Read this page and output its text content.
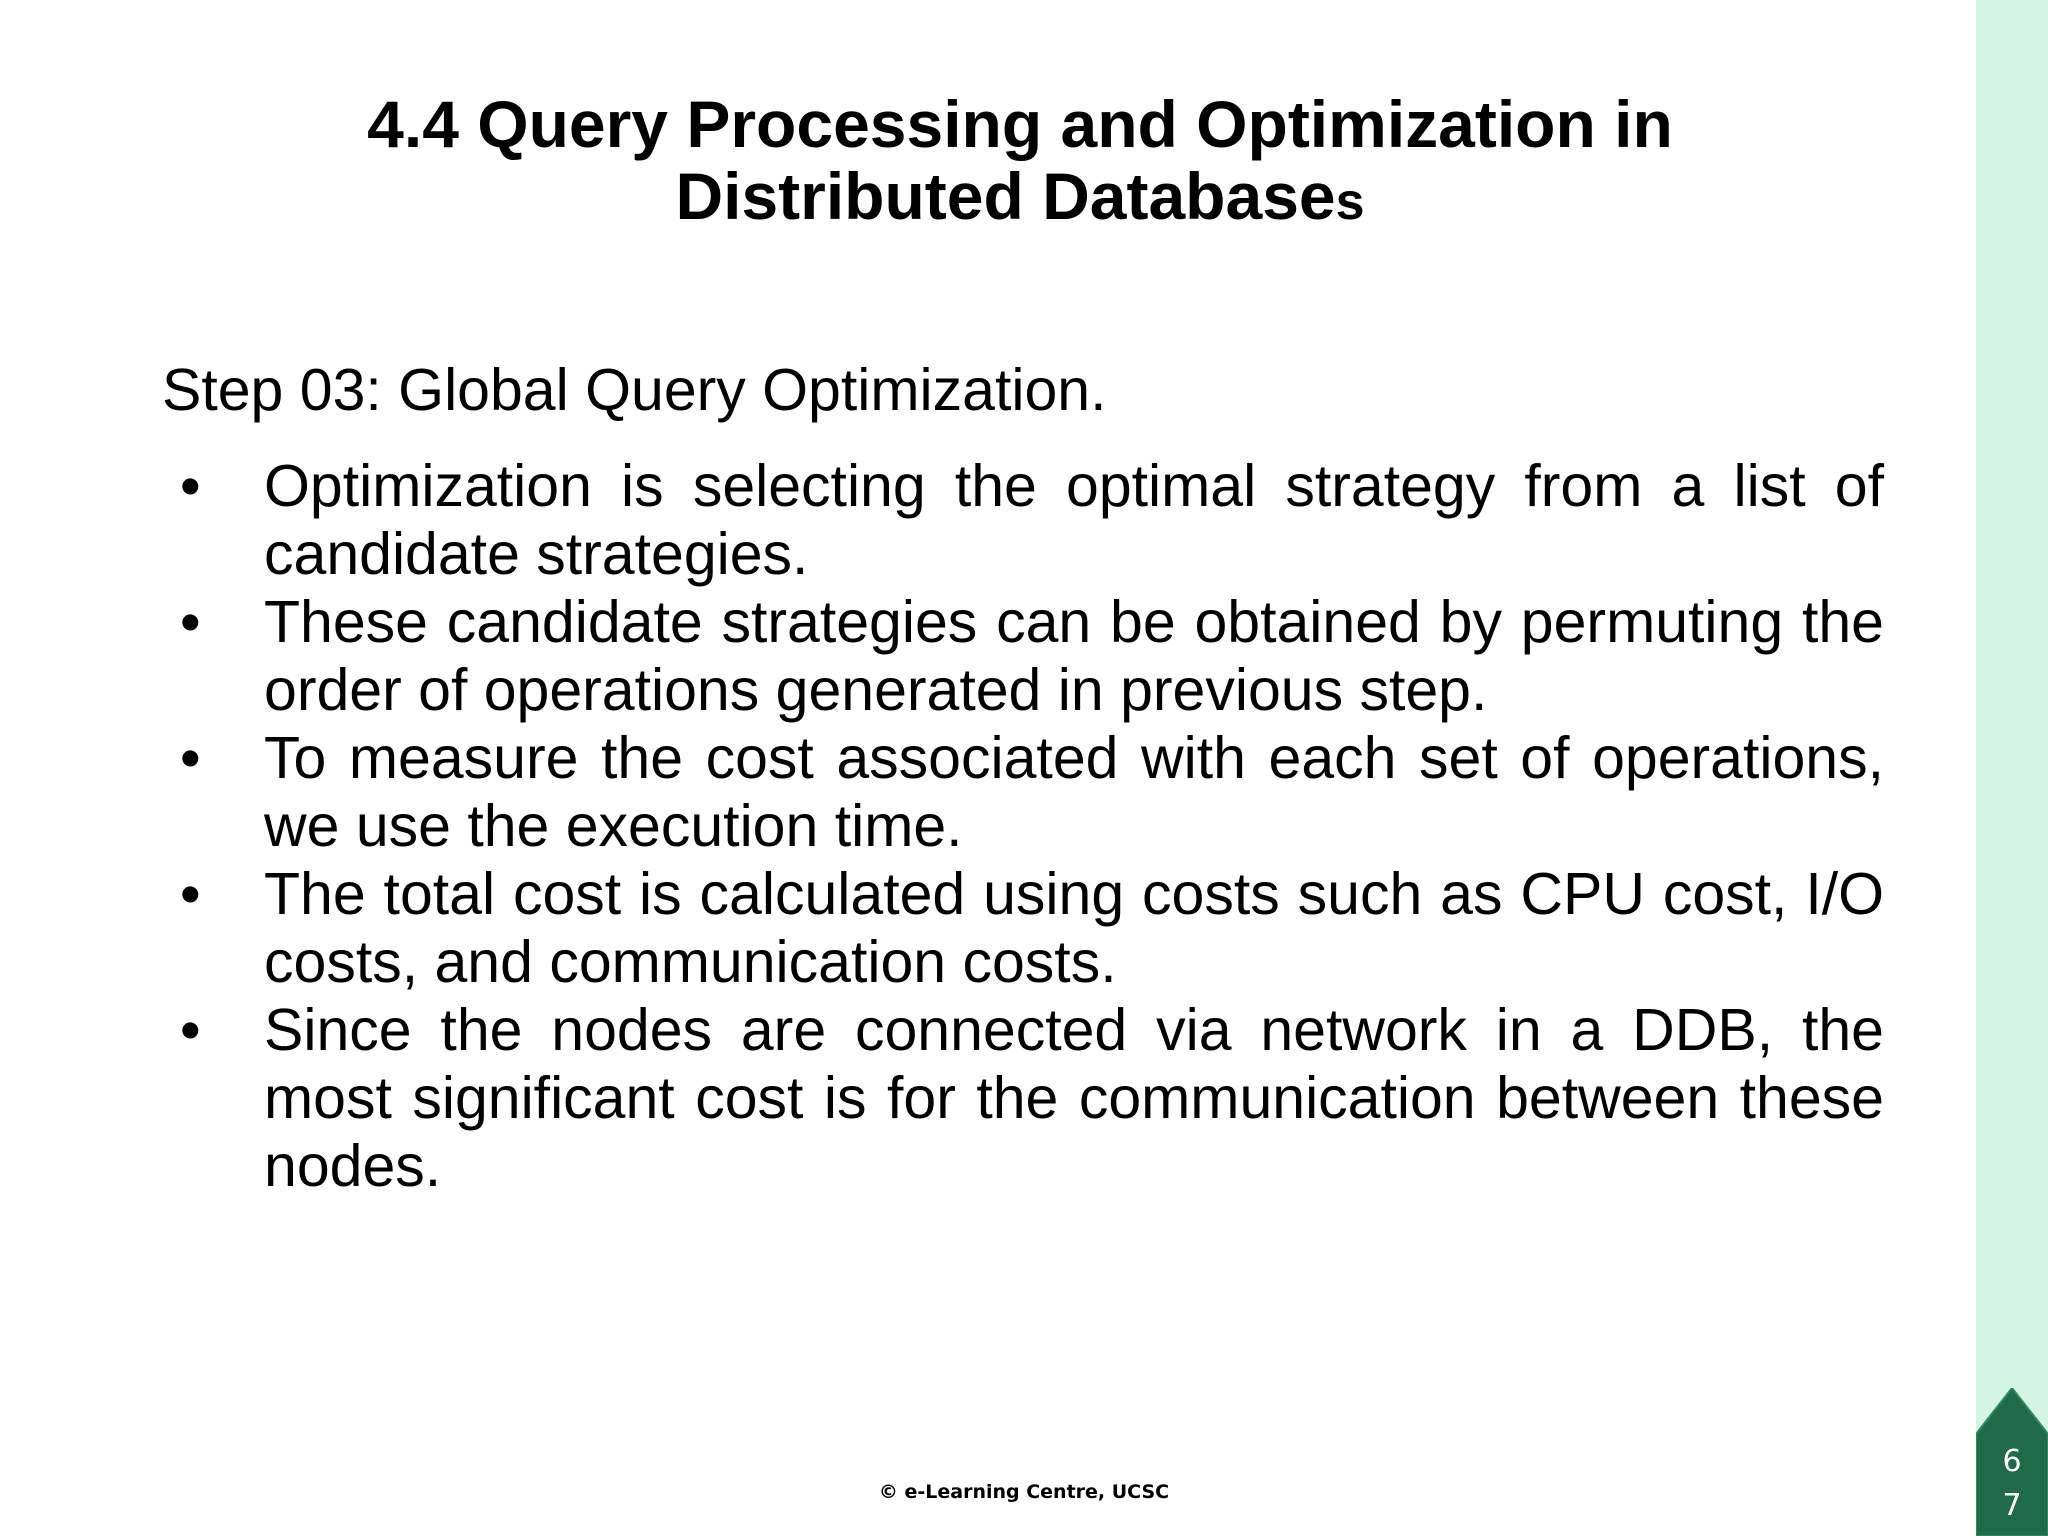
4.4 Query Processing and Optimization in
Distributed Databases

Step 03: Global Query Optimization.

• Optimization is selecting the optimal strategy from a list of candidate strategies.
• These candidate strategies can be obtained by permuting the order of operations generated in previous step.
• To measure the cost associated with each set of operations, we use the execution time.
• The total cost is calculated using costs such as CPU cost, I/O costs, and communication costs.
• Since the nodes are connected via network in a DDB, the most significant cost is for the communication between these nodes.
67
© e-Learning Centre, UCSC
